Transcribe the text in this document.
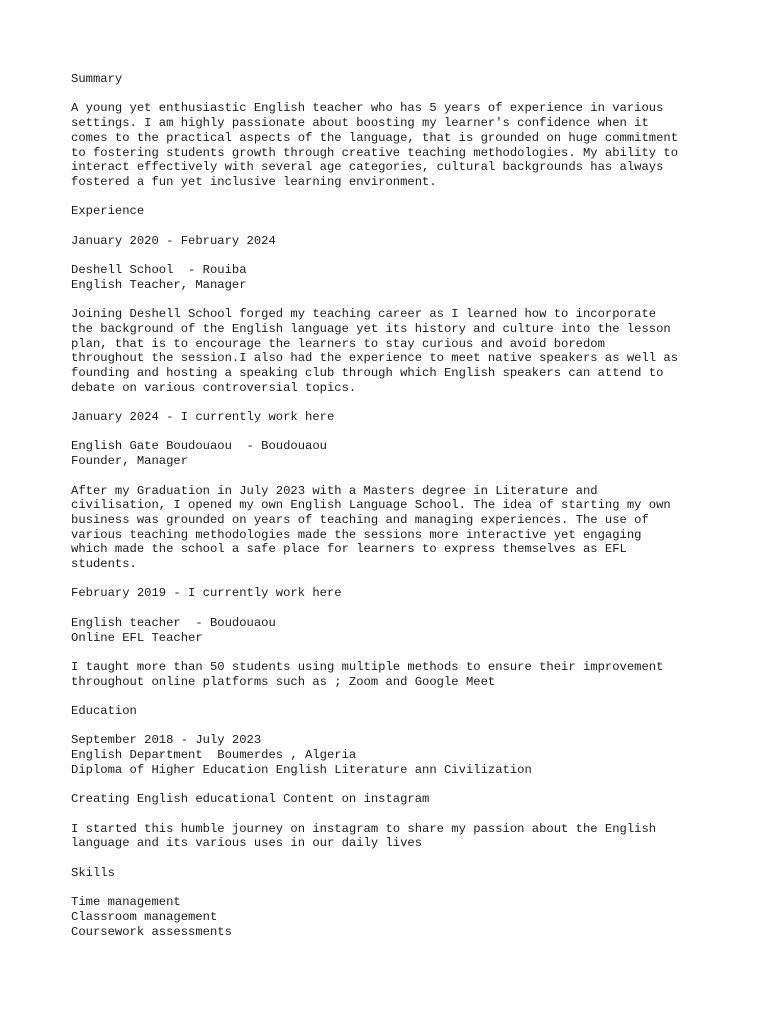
Summary
A young yet enthusiastic English teacher who has 5 years of experience in various
settings. I am highly passionate about boosting my learner's confidence when it
comes to the practical aspects of the language, that is grounded on huge commitment
to fostering students growth through creative teaching methodologies. My ability to
interact effectively with several age categories, cultural backgrounds has always
fostered a fun yet inclusive learning environment.
Experience
January 2020 - February 2024
Deshell School  - Rouiba
English Teacher, Manager
Joining Deshell School forged my teaching career as I learned how to incorporate
the background of the English language yet its history and culture into the lesson
plan, that is to encourage the learners to stay curious and avoid boredom
throughout the session.I also had the experience to meet native speakers as well as
founding and hosting a speaking club through which English speakers can attend to
debate on various controversial topics.
January 2024 - I currently work here
English Gate Boudouaou  - Boudouaou
Founder, Manager
After my Graduation in July 2023 with a Masters degree in Literature and
civilisation, I opened my own English Language School. The idea of starting my own
business was grounded on years of teaching and managing experiences. The use of
various teaching methodologies made the sessions more interactive yet engaging
which made the school a safe place for learners to express themselves as EFL
students.
February 2019 - I currently work here
English teacher  - Boudouaou
Online EFL Teacher
I taught more than 50 students using multiple methods to ensure their improvement
throughout online platforms such as ; Zoom and Google Meet
Education
September 2018 - July 2023
English Department  Boumerdes , Algeria
Diploma of Higher Education English Literature ann Civilization
Creating English educational Content on instagram
I started this humble journey on instagram to share my passion about the English
language and its various uses in our daily lives
Skills
Time management
Classroom management
Coursework assessments
